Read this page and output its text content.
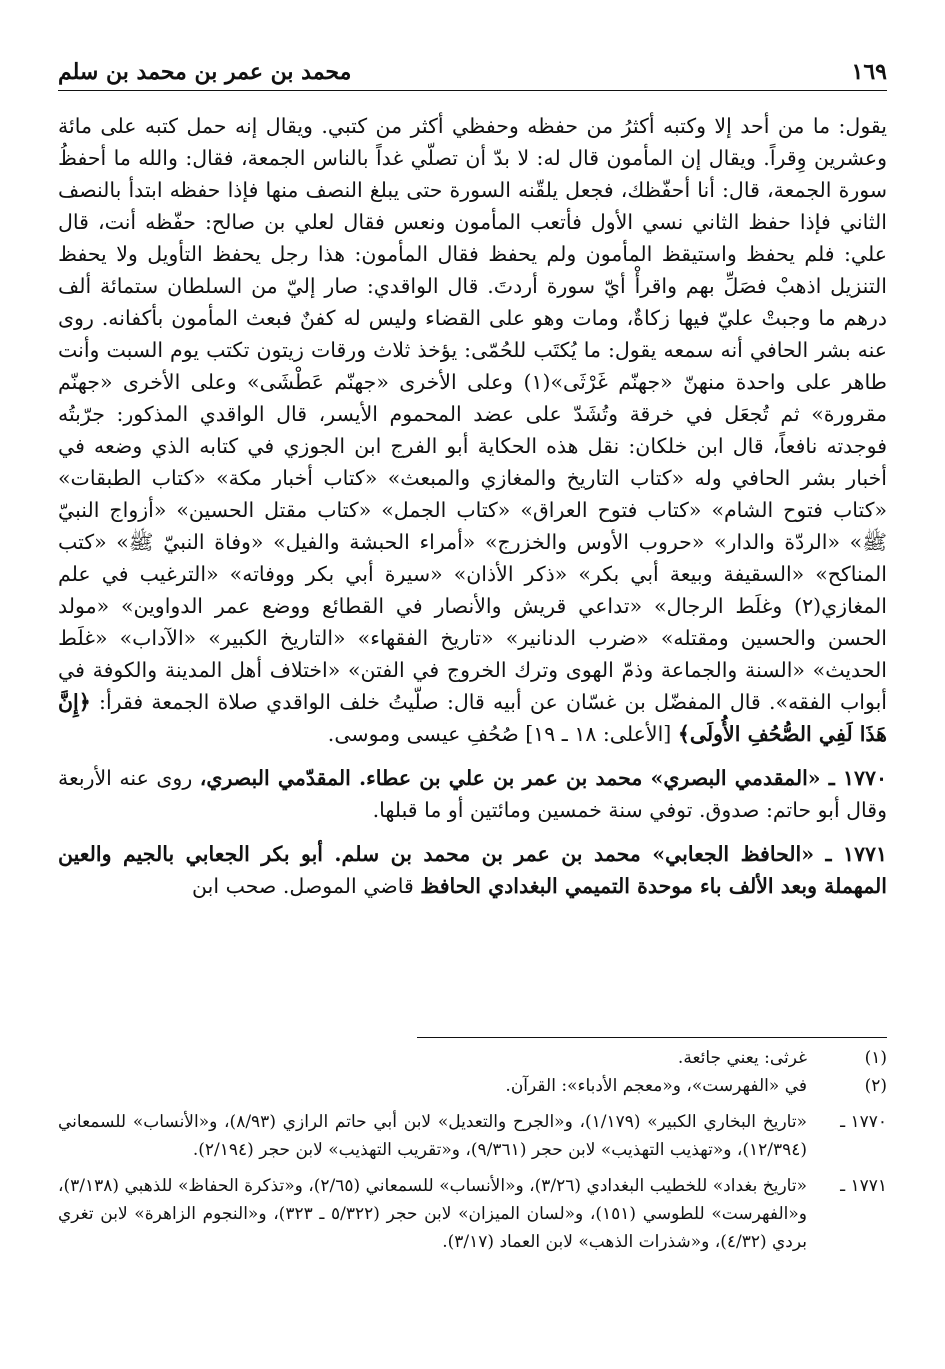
محمد بن عمر بن محمد بن سلم	١٦٩

يقول: ما من أحد إلا وكتبه أكثرُ من حفظه وحفظي أكثر من كتبي. ويقال إنه حمل كتبه على مائة وعشرين وِقراً. ويقال إن المأمون قال له: لا بدّ أن تصلّي غداً بالناس الجمعة، فقال: والله ما أحفظُ سورة الجمعة، قال: أنا أحفّظك، فجعل يلقّنه السورة حتى يبلغ النصف منها فإذا حفظه ابتدأ بالنصف الثاني فإذا حفظ الثاني نسي الأول فأتعب المأمون ونعس فقال لعلي بن صالح: حفّظه أنت، قال علي: فلم يحفظ واستيقظ المأمون ولم يحفظ فقال المأمون: هذا رجل يحفظ التأويل ولا يحفظ التنزيل اذهبْ فصَلِّ بهم واقرأْ أيّ سورة أردتَ. قال الواقدي: صار إليّ من السلطان ستمائة ألف درهم ما وجبتْ عليّ فيها زكاةٌ، ومات وهو على القضاء وليس له كفنٌ فبعث المأمون بأكفانه. روى عنه بشر الحافي أنه سمعه يقول: ما يُكتَب للحُمّى: يؤخذ ثلاث ورقات زيتون تكتب يوم السبت وأنت طاهر على واحدة منهنّ «جهنّم غَرْثَى»(١) وعلى الأخرى «جهنّم عَطْشَى» وعلى الأخرى «جهنّم مقرورة» ثم تُجعَل في خرقة وتُشَدّ على عضد المحموم الأيسر، قال الواقدي المذكور: جرّبتُه فوجدته نافعاً، قال ابن خلكان: نقل هذه الحكاية أبو الفرج ابن الجوزي في كتابه الذي وضعه في أخبار بشر الحافي وله «كتاب التاريخ والمغازي والمبعث» «كتاب أخبار مكة» «كتاب الطبقات» «كتاب فتوح الشام» «كتاب فتوح العراق» «كتاب الجمل» «كتاب مقتل الحسين» «أزواج النبيّ ﷺ» «الردّة والدار» «حروب الأوس والخزرج» «أمراء الحبشة والفيل» «وفاة النبيّ ﷺ» «كتب المناكح» «السقيفة وبيعة أبي بكر» «ذكر الأذان» «سيرة أبي بكر ووفاته» «الترغيب في علم المغازي(٢) وغلَط الرجال» «تداعي قريش والأنصار في القطائع ووضع عمر الدواوين» «مولد الحسن والحسين ومقتله» «ضرب الدنانير» «تاريخ الفقهاء» «التاريخ الكبير» «الآداب» «غلَط الحديث» «السنة والجماعة وذمّ الهوى وترك الخروج في الفتن» «اختلاف أهل المدينة والكوفة في أبواب الفقه». قال المفضّل بن غسّان عن أبيه قال: صلّيتُ خلف الواقدي صلاة الجمعة فقرأ: ﴿إِنَّ هَذَا لَفِي الصُّحُفِ الأُولَى﴾ [الأعلى: ١٨ ـ ١٩] صُحُفِ عيسى وموسى.

١٧٧٠ ـ «المقدمي البصري» محمد بن عمر بن علي بن عطاء. المقدّمي البصري، روى عنه الأربعة وقال أبو حاتم: صدوق. توفي سنة خمسين ومائتين أو ما قبلها.

١٧٧١ ـ «الحافظ الجعابي» محمد بن عمر بن محمد بن سلم. أبو بكر الجعابي بالجيم والعين المهملة وبعد الألف باء موحدة التميمي البغدادي الحافظ قاضي الموصل. صحب ابن

(١)
غرثى: يعني جائعة.
(٢)
في «الفهرست»، و«معجم الأدباء»: القرآن.
١٧٧٠ ـ
«تاريخ البخاري الكبير» (١/١٧٩)، و«الجرح والتعديل» لابن أبي حاتم الرازي (٨/٩٣)، و«الأنساب» للسمعاني (١٢/٣٩٤)، و«تهذيب التهذيب» لابن حجر (٩/٣٦١)، و«تقريب التهذيب» لابن حجر (٢/١٩٤).
١٧٧١ ـ
«تاريخ بغداد» للخطيب البغدادي (٣/٢٦)، و«الأنساب» للسمعاني (٢/٦٥)، و«تذكرة الحفاظ» للذهبي (٣/١٣٨)، و«الفهرست» للطوسي (١٥١)، و«لسان الميزان» لابن حجر (٥/٣٢٢ ـ ٣٢٣)، و«النجوم الزاهرة» لابن تغري بردي (٤/٣٢)، و«شذرات الذهب» لابن العماد (٣/١٧).
